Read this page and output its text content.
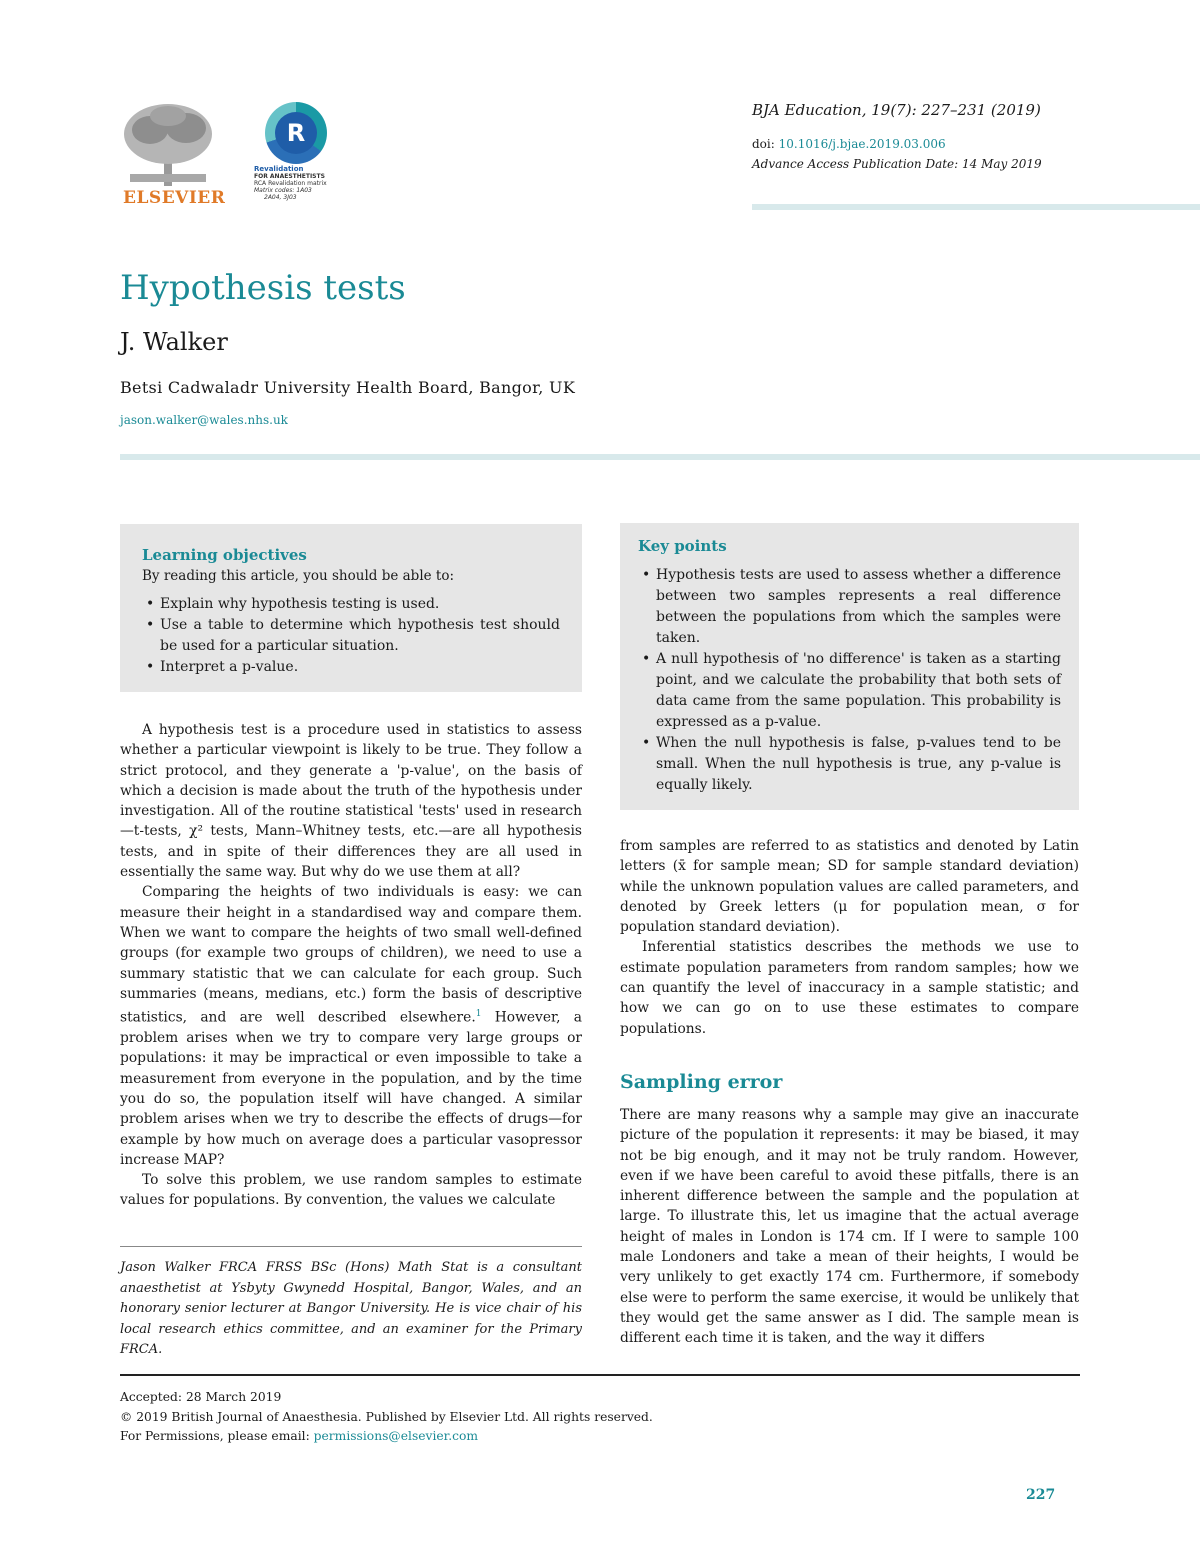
ELSEVIER
R
Revalidation
FOR ANAESTHETISTS
RCA Revalidation matrix
Matrix codes: 1A03
2A04, 3J03
BJA Education, 19(7): 227–231 (2019)
doi: 10.1016/j.bjae.2019.03.006
Advance Access Publication Date: 14 May 2019
Hypothesis tests
J. Walker
Betsi Cadwaladr University Health Board, Bangor, UK
jason.walker@wales.nhs.uk
Learning objectives
By reading this article, you should be able to:
• Explain why hypothesis testing is used.
• Use a table to determine which hypothesis test should be used for a particular situation.
• Interpret a p-value.
Key points
• Hypothesis tests are used to assess whether a difference between two samples represents a real difference between the populations from which the samples were taken.
• A null hypothesis of 'no difference' is taken as a starting point, and we calculate the probability that both sets of data came from the same population. This probability is expressed as a p-value.
• When the null hypothesis is false, p-values tend to be small. When the null hypothesis is true, any p-value is equally likely.

A hypothesis test is a procedure used in statistics to assess whether a particular viewpoint is likely to be true. They follow a strict protocol, and they generate a 'p-value', on the basis of which a decision is made about the truth of the hypothesis under investigation. All of the routine statistical 'tests' used in research—t-tests, χ² tests, Mann–Whitney tests, etc.—are all hypothesis tests, and in spite of their differences they are all used in essentially the same way. But why do we use them at all?

Comparing the heights of two individuals is easy: we can measure their height in a standardised way and compare them. When we want to compare the heights of two small well-defined groups (for example two groups of children), we need to use a summary statistic that we can calculate for each group. Such summaries (means, medians, etc.) form the basis of descriptive statistics, and are well described elsewhere.$^1$ However, a problem arises when we try to compare very large groups or populations: it may be impractical or even impossible to take a measurement from everyone in the population, and by the time you do so, the population itself will have changed. A similar problem arises when we try to describe the effects of drugs—for example by how much on average does a particular vasopressor increase MAP?

To solve this problem, we use random samples to estimate values for populations. By convention, the values we calculate

from samples are referred to as statistics and denoted by Latin letters (x̄ for sample mean; SD for sample standard deviation) while the unknown population values are called parameters, and denoted by Greek letters (μ for population mean, σ for population standard deviation).

Inferential statistics describes the methods we use to estimate population parameters from random samples; how we can quantify the level of inaccuracy in a sample statistic; and how we can go on to use these estimates to compare populations.

Sampling error

There are many reasons why a sample may give an inaccurate picture of the population it represents: it may be biased, it may not be big enough, and it may not be truly random. However, even if we have been careful to avoid these pitfalls, there is an inherent difference between the sample and the population at large. To illustrate this, let us imagine that the actual average height of males in London is 174 cm. If I were to sample 100 male Londoners and take a mean of their heights, I would be very unlikely to get exactly 174 cm. Furthermore, if somebody else were to perform the same exercise, it would be unlikely that they would get the same answer as I did. The sample mean is different each time it is taken, and the way it differs

Jason Walker FRCA FRSS BSc (Hons) Math Stat is a consultant anaesthetist at Ysbyty Gwynedd Hospital, Bangor, Wales, and an honorary senior lecturer at Bangor University. He is vice chair of his local research ethics committee, and an examiner for the Primary FRCA.
Accepted: 28 March 2019
© 2019 British Journal of Anaesthesia. Published by Elsevier Ltd. All rights reserved.
For Permissions, please email: permissions@elsevier.com
227
